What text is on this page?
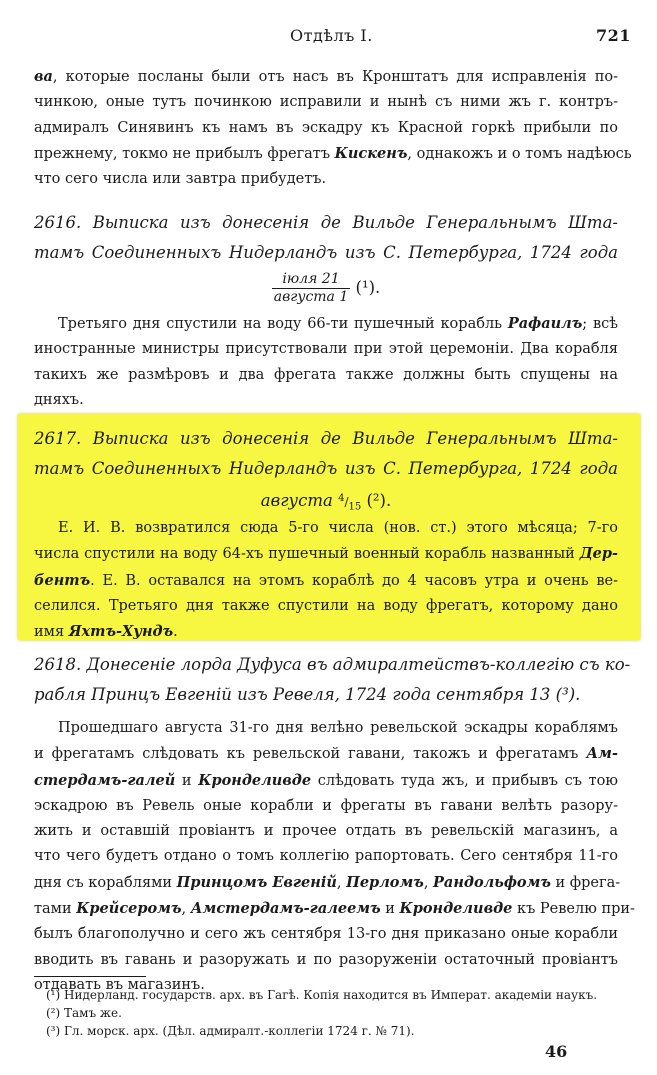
Отдѣлъ I.	721
ва, которые посланы были отъ насъ въ Кронштатъ для исправленія по-
чинкою, оные тутъ починкою исправили и нынѣ съ ними жъ г. контръ-
адмиралъ Синявинъ къ намъ въ эскадру къ Красной горкѣ прибыли по
прежнему, токмо не прибылъ фрегатъ Кискенъ, однакожъ и о томъ надѣюсь
что сего числа или завтра прибудетъ.
2616. Выписка изъ донесенія де Вильде Генеральнымъ Шта-
тамъ Соединенныхъ Нидерландъ изъ С. Петербурга, 1724 года
$\frac{\text{іюля 21}}{\text{августа 1}} (^1)$.
Третьяго дня спустили на воду 66-ти пушечный корабль Рафаилъ; всѣ
иностранные министры присутствовали при этой церемоніи. Два корабля
такихъ же размѣровъ и два фрегата также должны быть спущены на
дняхъ.
2617. Выписка изъ донесенія де Вильде Генеральнымъ Шта-
тамъ Соединенныхъ Нидерландъ изъ С. Петербурга, 1724 года
августа $^4/_{15}$ (²).
Е. И. В. возвратился сюда 5-го числа (нов. ст.) этого мѣсяца; 7-го
числа спустили на воду 64-хъ пушечный военный корабль названный Дер-
бентъ. Е. В. оставался на этомъ кораблѣ до 4 часовъ утра и очень ве-
селился. Третьяго дня также спустили на воду фрегатъ, которому дано
имя Яхтъ-Хундъ.
2618. Донесеніе лорда Дуфуса въ адмиралтействъ-коллегію съ ко-
рабля Принцъ Евгеній изъ Ревеля, 1724 года сентября 13 (³).
Прошедшаго августа 31-го дня велѣно ревельской эскадры кораблямъ
и фрегатамъ слѣдовать къ ревельской гавани, такожъ и фрегатамъ Ам-
стердамъ-галей и Кронделивде слѣдовать туда жъ, и прибывъ съ тою
эскадрою въ Ревель оные корабли и фрегаты въ гавани велѣть разору-
жить и оставшій провіантъ и прочее отдать въ ревельскій магазинъ, а
что чего будетъ отдано о томъ коллегію рапортовать. Сего сентября 11-го
дня съ кораблями Принцомъ Евгеній, Перломъ, Рандольфомъ и фрега-
тами Крейсеромъ, Амстердамъ-галеемъ и Кронделивде къ Ревелю при-
былъ благополучно и сего жъ сентября 13-го дня приказано оные корабли
вводить въ гавань и разоружать и по разоруженіи остаточный провіантъ
отдавать въ магазинъ.
(¹) Нидерланд. государств. арх. въ Гагѣ. Копія находится въ Императ. академіи наукъ.
(²) Тамъ же.
(³) Гл. морск. арх. (Дѣл. адмиралт.-коллегіи 1724 г. № 71).
46
